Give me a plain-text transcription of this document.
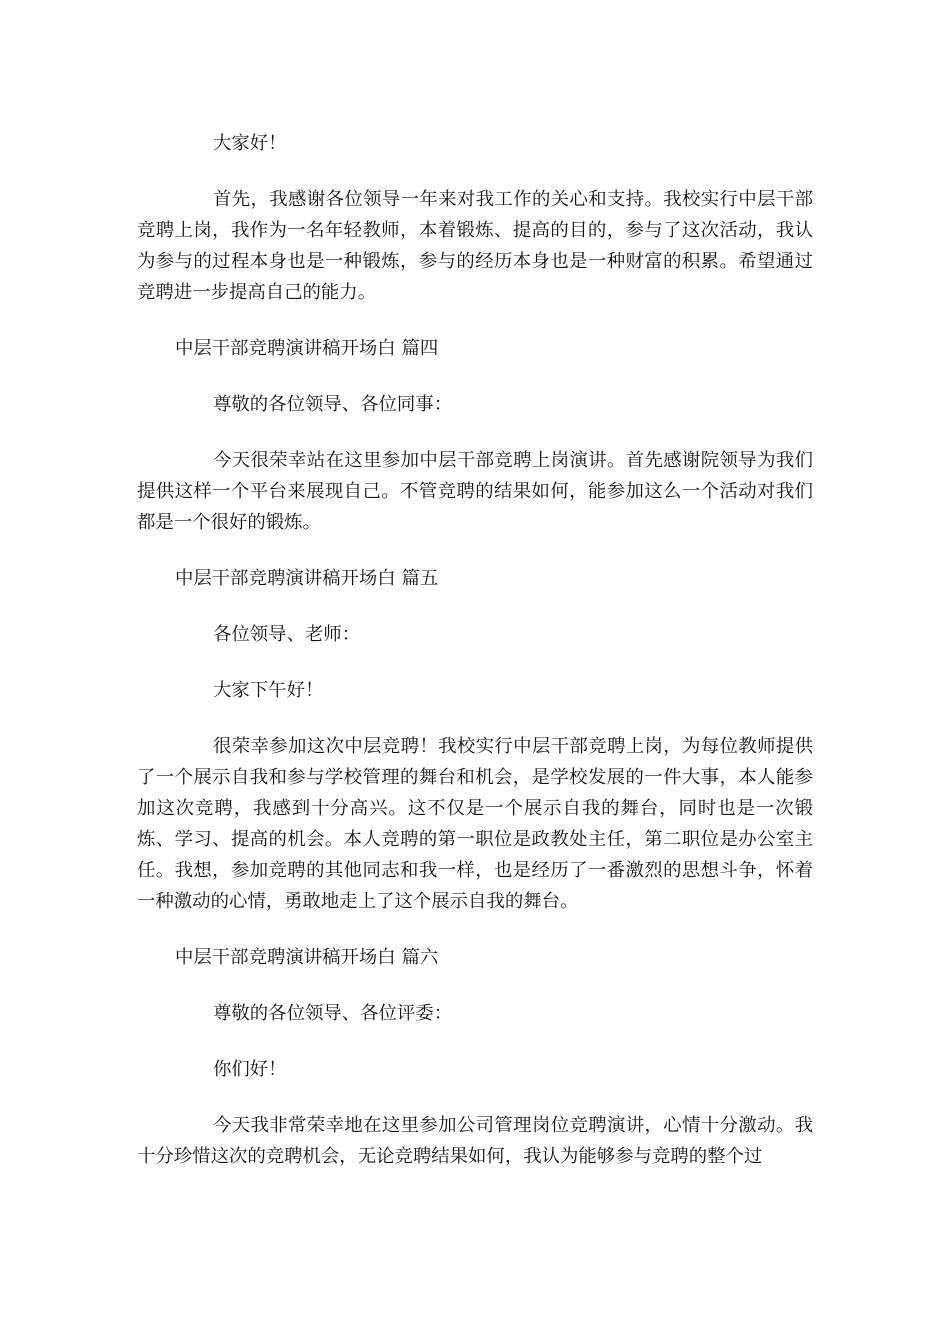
大家好！

首先，我感谢各位领导一年来对我工作的关心和支持。我校实行中层干部竞聘上岗，我作为一名年轻教师，本着锻炼、提高的目的，参与了这次活动，我认为参与的过程本身也是一种锻炼，参与的经历本身也是一种财富的积累。希望通过竞聘进一步提高自己的能力。

中层干部竞聘演讲稿开场白 篇四

尊敬的各位领导、各位同事：

今天很荣幸站在这里参加中层干部竞聘上岗演讲。首先感谢院领导为我们提供这样一个平台来展现自己。不管竞聘的结果如何，能参加这么一个活动对我们都是一个很好的锻炼。

中层干部竞聘演讲稿开场白 篇五

各位领导、老师：

大家下午好！

很荣幸参加这次中层竞聘！我校实行中层干部竞聘上岗，为每位教师提供了一个展示自我和参与学校管理的舞台和机会，是学校发展的一件大事，本人能参加这次竞聘，我感到十分高兴。这不仅是一个展示自我的舞台，同时也是一次锻炼、学习、提高的机会。本人竞聘的第一职位是政教处主任，第二职位是办公室主任。我想，参加竞聘的其他同志和我一样，也是经历了一番激烈的思想斗争，怀着一种激动的心情，勇敢地走上了这个展示自我的舞台。

中层干部竞聘演讲稿开场白 篇六

尊敬的各位领导、各位评委：

你们好！

今天我非常荣幸地在这里参加公司管理岗位竞聘演讲，心情十分激动。我十分珍惜这次的竞聘机会，无论竞聘结果如何，我认为能够参与竞聘的整个过
